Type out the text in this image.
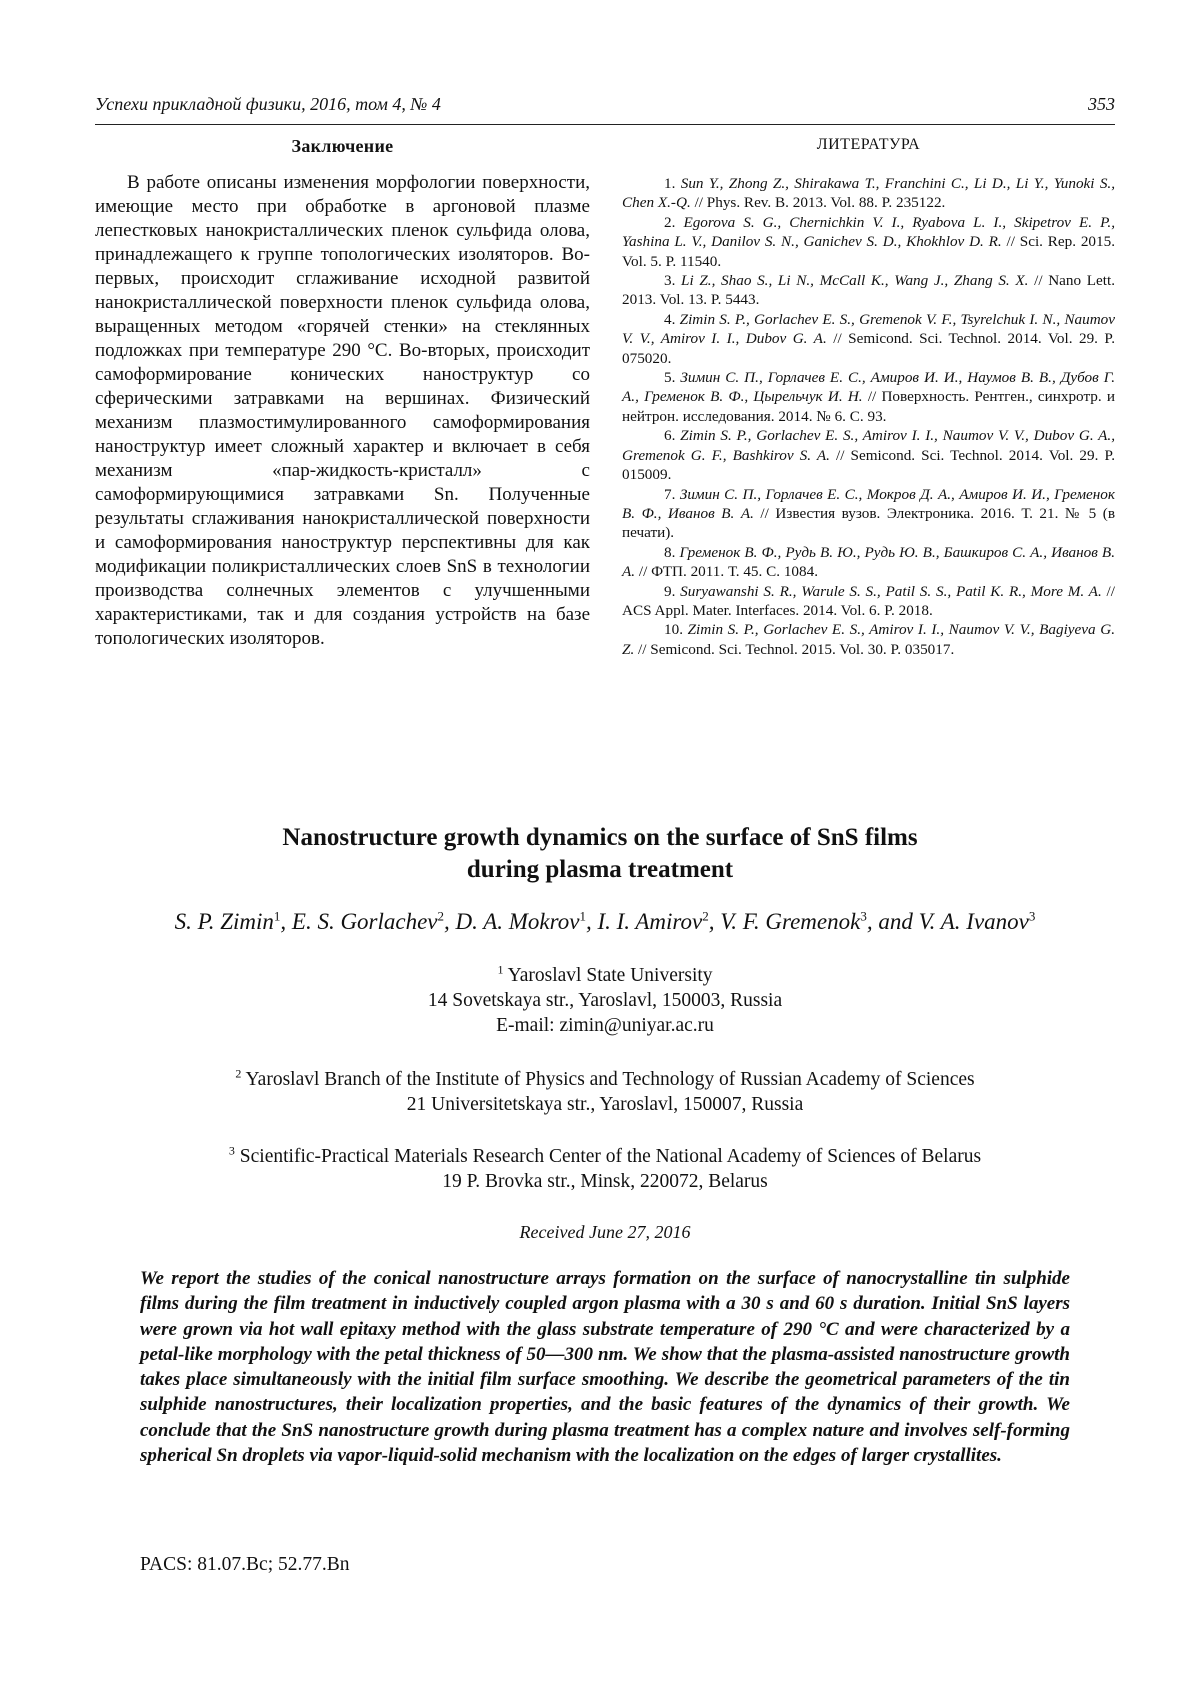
Успехи прикладной физики, 2016, том 4, № 4	353
Заключение

В работе описаны изменения морфологии поверхности, имеющие место при обработке в аргоновой плазме лепестковых нанокристаллических пленок сульфида олова, принадлежащего к группе топологических изоляторов. Во-первых, происходит сглаживание исходной развитой нанокристаллической поверхности пленок сульфида олова, выращенных методом «горячей стенки» на стеклянных подложках при температуре 290 °C. Во-вторых, происходит самоформирование конических наноструктур со сферическими затравками на вершинах. Физический механизм плазмостимулированного самоформирования наноструктур имеет сложный характер и включает в себя механизм «пар-жидкость-кристалл» с самоформирующимися затравками Sn. Полученные результаты сглаживания нанокристаллической поверхности и самоформирования наноструктур перспективны для как модификации поликристаллических слоев SnS в технологии производства солнечных элементов с улучшенными характеристиками, так и для создания устройств на базе топологических изоляторов.

ЛИТЕРАТУРА

1. Sun Y., Zhong Z., Shirakawa T., Franchini C., Li D., Li Y., Yunoki S., Chen X.-Q. // Phys. Rev. B. 2013. Vol. 88. P. 235122.

2. Egorova S. G., Chernichkin V. I., Ryabova L. I., Skipetrov E. P., Yashina L. V., Danilov S. N., Ganichev S. D., Khokhlov D. R. // Sci. Rep. 2015. Vol. 5. P. 11540.

3. Li Z., Shao S., Li N., McCall K., Wang J., Zhang S. X. // Nano Lett. 2013. Vol. 13. P. 5443.

4. Zimin S. P., Gorlachev E. S., Gremenok V. F., Tsyrelchuk I. N., Naumov V. V., Amirov I. I., Dubov G. A. // Semicond. Sci. Technol. 2014. Vol. 29. P. 075020.

5. Зимин С. П., Горлачев Е. С., Амиров И. И., Наумов В. В., Дубов Г. А., Гременок В. Ф., Цырельчук И. Н. // Поверхность. Рентген., синхротр. и нейтрон. исследования. 2014. № 6. С. 93.

6. Zimin S. P., Gorlachev E. S., Amirov I. I., Naumov V. V., Dubov G. A., Gremenok G. F., Bashkirov S. A. // Semicond. Sci. Technol. 2014. Vol. 29. P. 015009.

7. Зимин С. П., Горлачев Е. С., Мокров Д. А., Амиров И. И., Гременок В. Ф., Иванов В. А. // Известия вузов. Электроника. 2016. Т. 21. № 5 (в печати).

8. Гременок В. Ф., Рудь В. Ю., Рудь Ю. В., Башкиров С. А., Иванов В. А. // ФТП. 2011. Т. 45. С. 1084.

9. Suryawanshi S. R., Warule S. S., Patil S. S., Patil K. R., More M. A. // ACS Appl. Mater. Interfaces. 2014. Vol. 6. P. 2018.

10. Zimin S. P., Gorlachev E. S., Amirov I. I., Naumov V. V., Bagiyeva G. Z. // Semicond. Sci. Technol. 2015. Vol. 30. P. 035017.

Nanostructure growth dynamics on the surface of SnS films
during plasma treatment
S. P. Zimin$^1$, E. S. Gorlachev$^2$, D. A. Mokrov$^1$, I. I. Amirov$^2$, V. F. Gremenok$^3$, and V. A. Ivanov$^3$
$^1$ Yaroslavl State University
14 Sovetskaya str., Yaroslavl, 150003, Russia
E-mail: zimin@uniyar.ac.ru
$^2$ Yaroslavl Branch of the Institute of Physics and Technology of Russian Academy of Sciences
21 Universitetskaya str., Yaroslavl, 150007, Russia
$^3$ Scientific-Practical Materials Research Center of the National Academy of Sciences of Belarus
19 P. Brovka str., Minsk, 220072, Belarus
Received June 27, 2016

We report the studies of the conical nanostructure arrays formation on the surface of nanocrystalline tin sulphide films during the film treatment in inductively coupled argon plasma with a 30 s and 60 s duration. Initial SnS layers were grown via hot wall epitaxy method with the glass substrate temperature of 290 °C and were characterized by a petal-like morphology with the petal thickness of 50—300 nm. We show that the plasma-assisted nanostructure growth takes place simultaneously with the initial film surface smoothing. We describe the geometrical parameters of the tin sulphide nanostructures, their localization properties, and the basic features of the dynamics of their growth. We conclude that the SnS nanostructure growth during plasma treatment has a complex nature and involves self-forming spherical Sn droplets via vapor-liquid-solid mechanism with the localization on the edges of larger crystallites.

PACS: 81.07.Bc; 52.77.Bn
